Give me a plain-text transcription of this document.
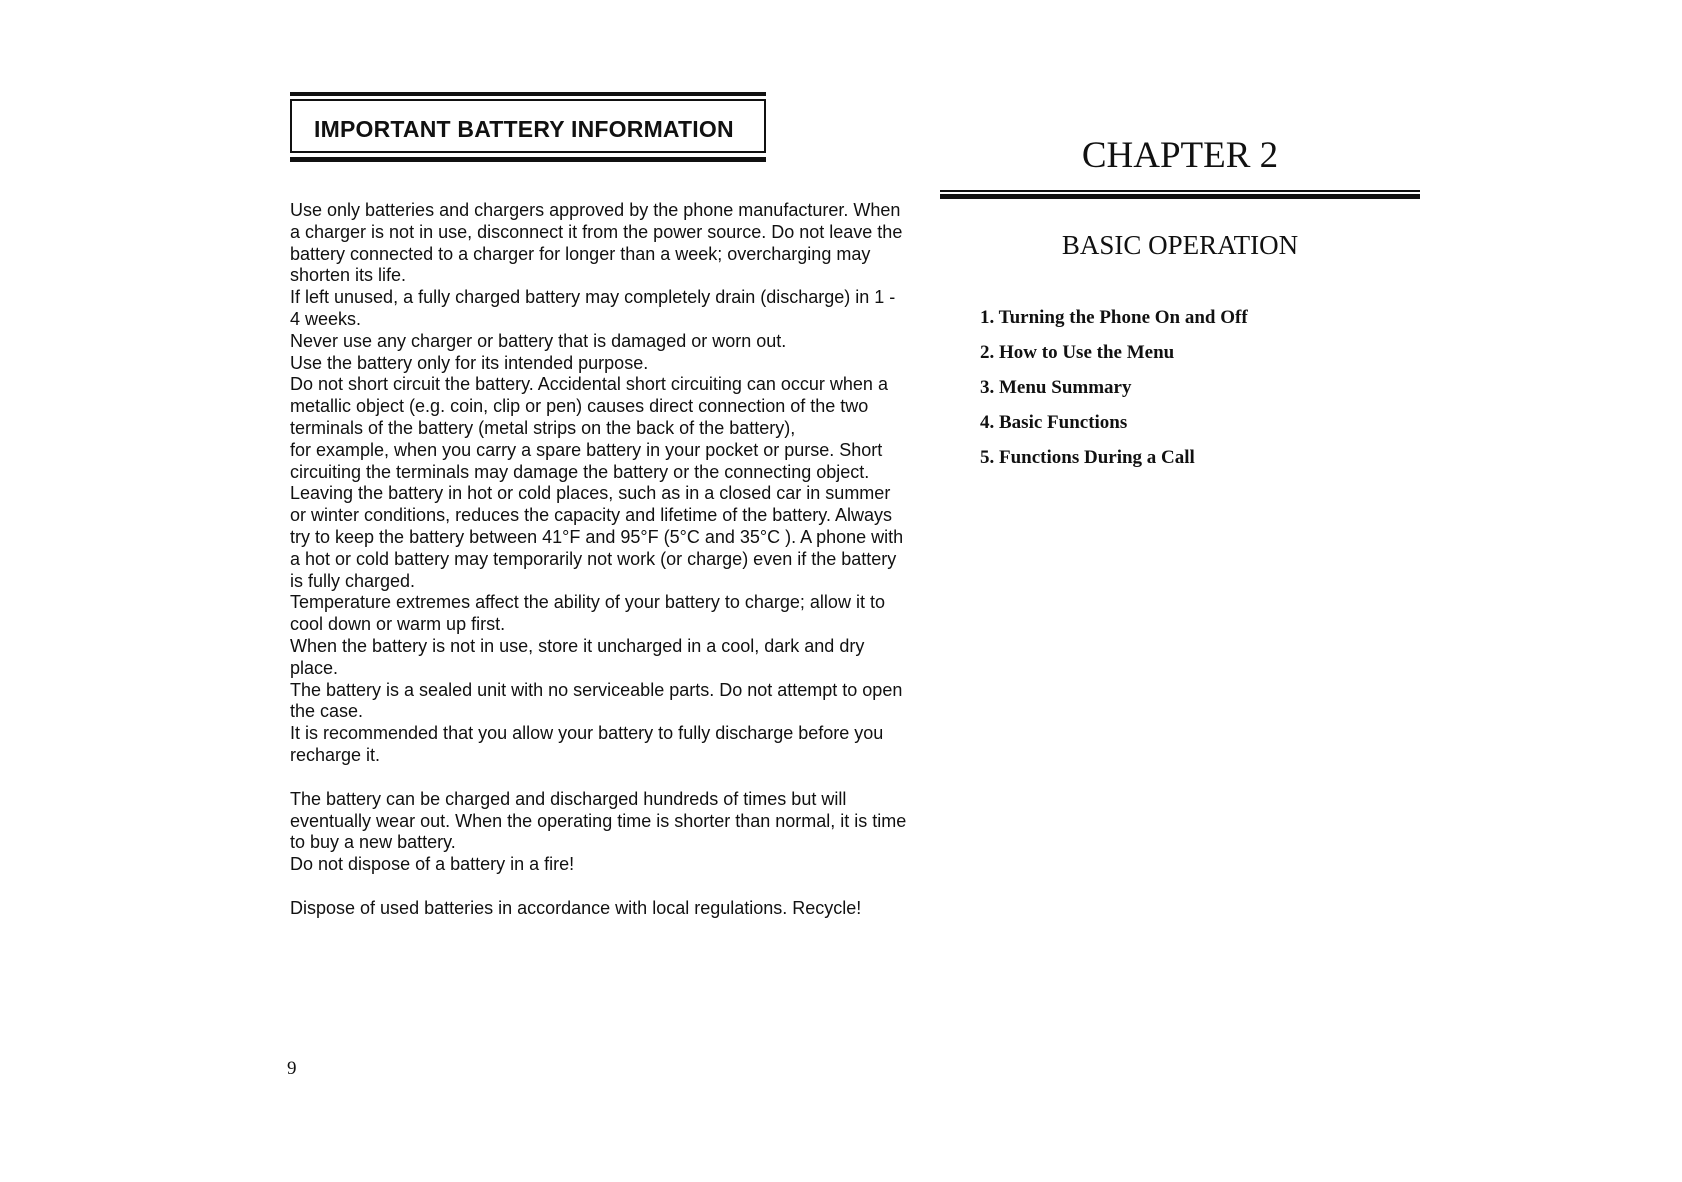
IMPORTANT BATTERY INFORMATION

Use only batteries and chargers approved by the phone manufacturer. When a charger is not in use, disconnect it from the power source. Do not leave the battery connected to a charger for longer than a week; overcharging may shorten its life.

If left unused, a fully charged battery may completely drain (discharge) in 1 - 4 weeks.

Never use any charger or battery that is damaged or worn out.

Use the battery only for its intended purpose.

Do not short circuit the battery. Accidental short circuiting can occur when a metallic object (e.g. coin, clip or pen) causes direct connection of the two terminals of the battery (metal strips on the back of the battery),

for example, when you carry a spare battery in your pocket or purse. Short circuiting the terminals may damage the battery or the connecting object.

Leaving the battery in hot or cold places, such as in a closed car in summer or winter conditions, reduces the capacity and lifetime of the battery. Always try to keep the battery between 41°F and 95°F (5°C and 35°C ). A phone with a hot or cold battery may temporarily not work (or charge) even if the battery is fully charged.

Temperature extremes affect the ability of your battery to charge; allow it to cool down or warm up first.

When the battery is not in use, store it uncharged in a cool, dark and dry place.

The battery is a sealed unit with no serviceable parts. Do not attempt to open the case.

It is recommended that you allow your battery to fully discharge before you recharge it.

The battery can be charged and discharged hundreds of times but will eventually wear out. When the operating time is shorter than normal, it is time to buy a new battery.

Do not dispose of a battery in a fire!

Dispose of used batteries in accordance with local regulations. Recycle!

9
CHAPTER 2
BASIC OPERATION
1. Turning the Phone On and Off
2. How to Use the Menu
3. Menu Summary
4. Basic Functions
5. Functions During a Call
